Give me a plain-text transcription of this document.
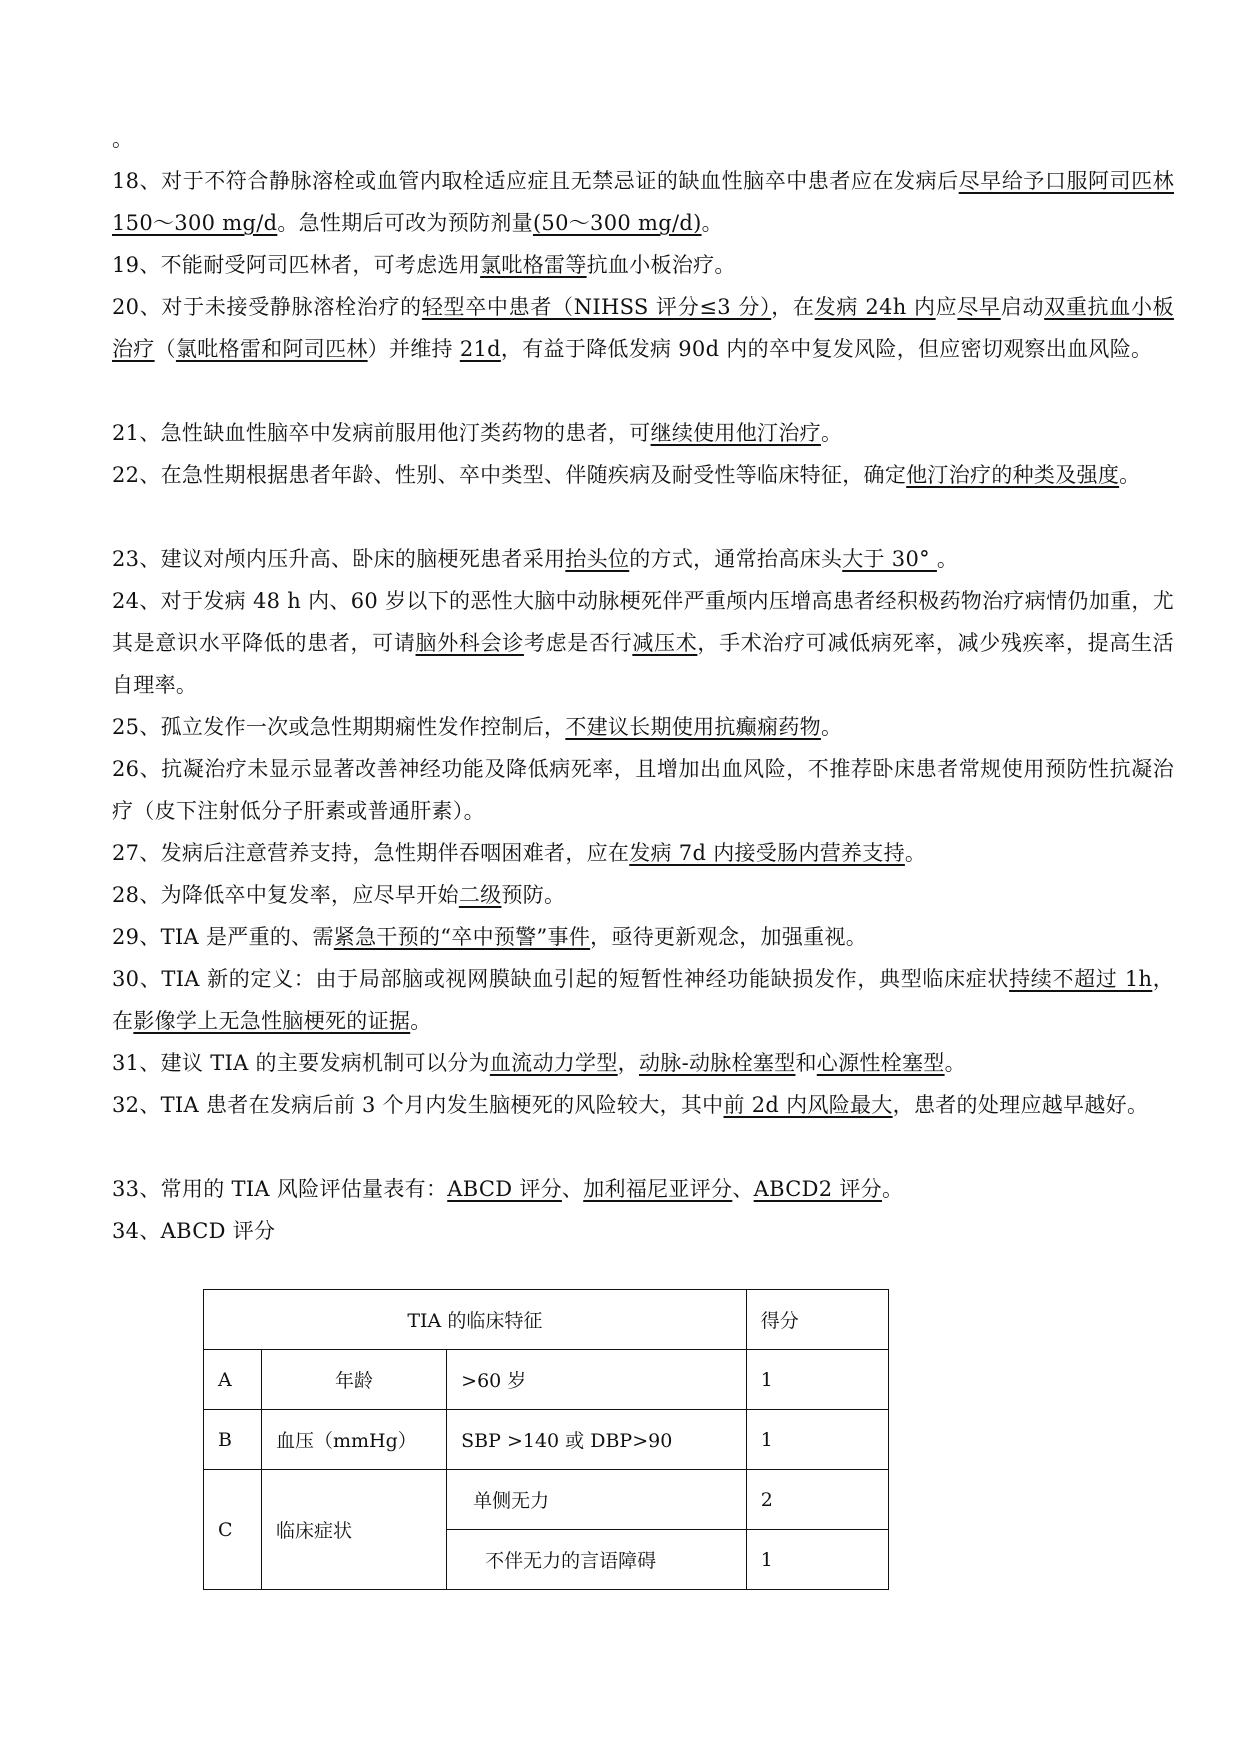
。

18、对于不符合静脉溶栓或血管内取栓适应症且无禁忌证的缺血性脑卒中患者应在发病后尽早给予口服阿司匹林 150～300 mg/d。急性期后可改为预防剂量(50～300 mg/d)。

19、不能耐受阿司匹林者，可考虑选用氯吡格雷等抗血小板治疗。

20、对于未接受静脉溶栓治疗的轻型卒中患者（NIHSS 评分≤3 分），在发病 24h 内应尽早启动双重抗血小板治疗（氯吡格雷和阿司匹林）并维持 21d，有益于降低发病 90d 内的卒中复发风险，但应密切观察出血风险。

21、急性缺血性脑卒中发病前服用他汀类药物的患者，可继续使用他汀治疗。

22、在急性期根据患者年龄、性别、卒中类型、伴随疾病及耐受性等临床特征，确定他汀治疗的种类及强度。

23、建议对颅内压升高、卧床的脑梗死患者采用抬头位的方式，通常抬高床头大于 30° 。

24、对于发病 48 h 内、60 岁以下的恶性大脑中动脉梗死伴严重颅内压增高患者经积极药物治疗病情仍加重，尤其是意识水平降低的患者，可请脑外科会诊考虑是否行减压术，手术治疗可减低病死率，减少残疾率，提高生活自理率。

25、孤立发作一次或急性期期痫性发作控制后，不建议长期使用抗癫痫药物。

26、抗凝治疗未显示显著改善神经功能及降低病死率，且增加出血风险，不推荐卧床患者常规使用预防性抗凝治疗（皮下注射低分子肝素或普通肝素）。

27、发病后注意营养支持，急性期伴吞咽困难者，应在发病 7d 内接受肠内营养支持。

28、为降低卒中复发率，应尽早开始二级预防。

29、TIA 是严重的、需紧急干预的“卒中预警”事件，亟待更新观念，加强重视。

30、TIA 新的定义：由于局部脑或视网膜缺血引起的短暂性神经功能缺损发作，典型临床症状持续不超过 1h，在影像学上无急性脑梗死的证据。

31、建议 TIA 的主要发病机制可以分为血流动力学型，动脉-动脉栓塞型和心源性栓塞型。

32、TIA 患者在发病后前 3 个月内发生脑梗死的风险较大，其中前 2d 内风险最大，患者的处理应越早越好。

33、常用的 TIA 风险评估量表有：ABCD 评分、加利福尼亚评分、ABCD2 评分。

34、ABCD 评分

TIA 的临床特征			得分
A	年龄	>60 岁	1
B	血压（mmHg）	SBP >140 或 DBP>90	1
C	临床症状	单侧无力	2
		不伴无力的言语障碍	1
